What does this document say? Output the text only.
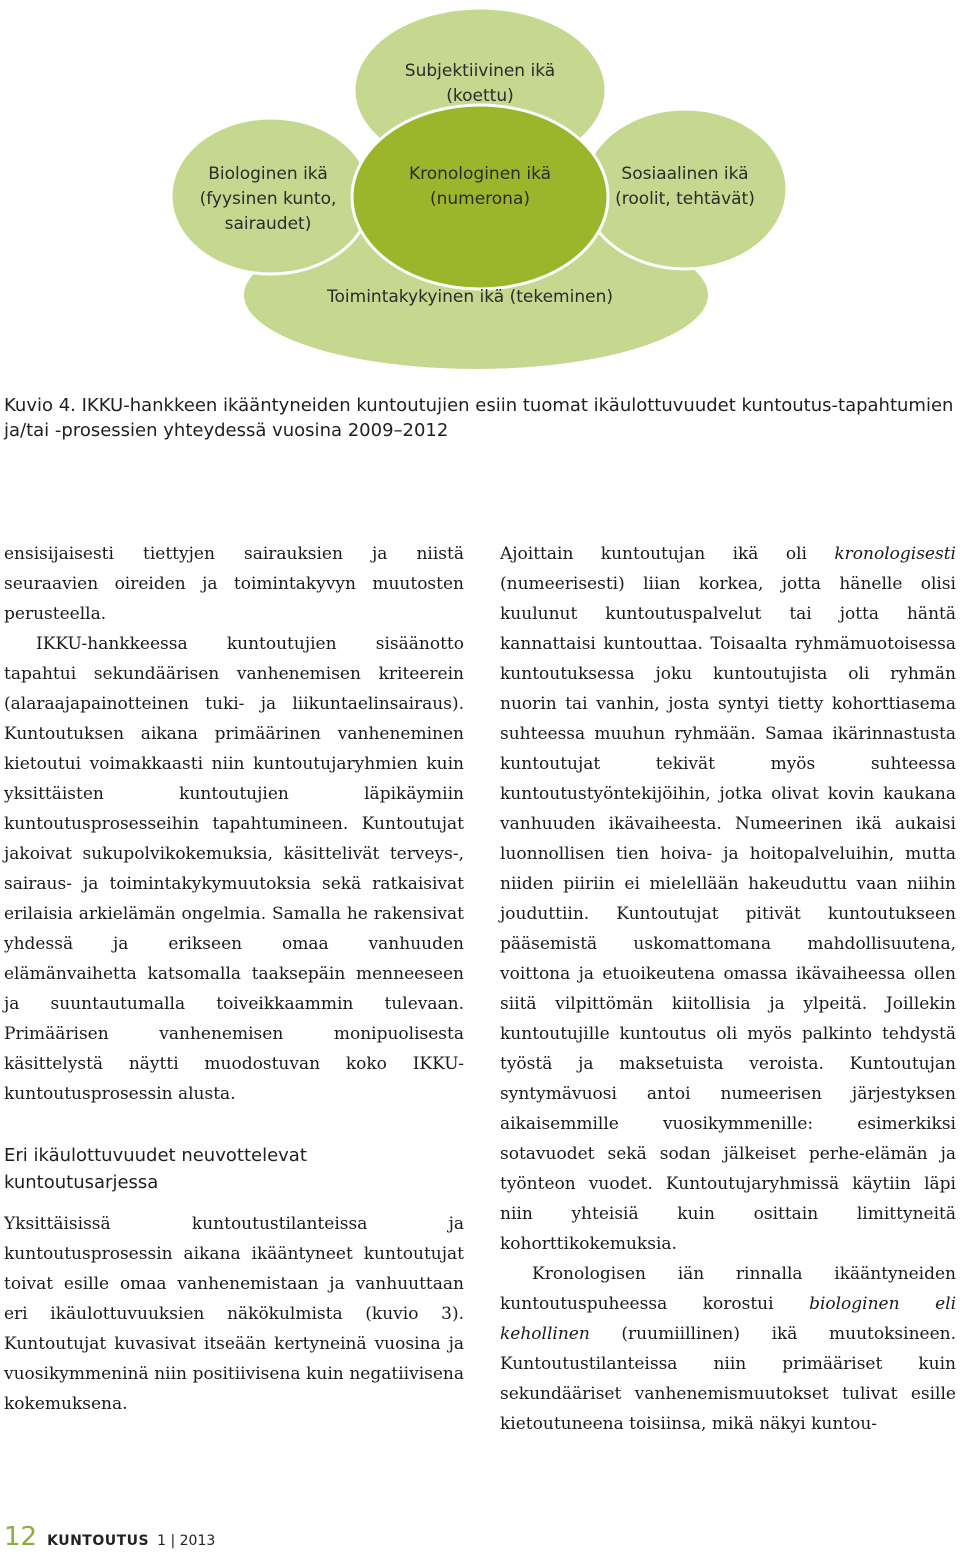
Subjektiivinen ikä
(koettu)
Biologinen ikä
(fyysinen kunto,
sairaudet)
Kronologinen ikä
(numerona)
Sosiaalinen ikä
(roolit, tehtävät)
Toimintakykyinen ikä (tekeminen)
Kuvio 4. IKKU-hankkeen ikääntyneiden kuntoutujien esiin tuomat ikäulottuvuudet kuntoutus-tapahtumien ja/tai -prosessien yhteydessä vuosina 2009–2012

ensisijaisesti tiettyjen sairauksien ja niistä seuraavien oireiden ja toimintakyvyn muutosten perusteella.

IKKU-hankkeessa kuntoutujien sisäänotto tapahtui sekundäärisen vanhenemisen kriteerein (alaraajapainotteinen tuki- ja liikuntaelinsairaus). Kuntoutuksen aikana primäärinen vanheneminen kietoutui voimakkaasti niin kuntoutujaryhmien kuin yksittäisten kuntoutujien läpikäymiin kuntoutusprosesseihin tapahtumineen. Kuntoutujat jakoivat sukupolvikokemuksia, käsittelivät terveys-, sairaus- ja toimintakykymuutoksia sekä ratkaisivat erilaisia arkielämän ongelmia. Samalla he rakensivat yhdessä ja erikseen omaa vanhuuden elämänvaihetta katsomalla taaksepäin menneeseen ja suuntautumalla toiveikkaammin tulevaan. Primäärisen vanhenemisen monipuolisesta käsittelystä näytti muodostuvan koko IKKU-kuntoutusprosessin alusta.

Eri ikäulottuvuudet neuvottelevat kuntoutusarjessa

Yksittäisissä kuntoutustilanteissa ja kuntoutusprosessin aikana ikääntyneet kuntoutujat toivat esille omaa vanhenemistaan ja vanhuuttaan eri ikäulottuvuuksien näkökulmista (kuvio 3). Kuntoutujat kuvasivat itseään kertyneinä vuosina ja vuosikymmeninä niin positiivisena kuin negatiivisena kokemuksena.

Ajoittain kuntoutujan ikä oli kronologisesti (numeerisesti) liian korkea, jotta hänelle olisi kuulunut kuntoutuspalvelut tai jotta häntä kannattaisi kuntouttaa. Toisaalta ryhmämuotoisessa kuntoutuksessa joku kuntoutujista oli ryhmän nuorin tai vanhin, josta syntyi tietty kohorttiasema suhteessa muuhun ryhmään. Samaa ikärinnastusta kuntoutujat tekivät myös suhteessa kuntoutustyöntekijöihin, jotka olivat kovin kaukana vanhuuden ikävaiheesta. Numeerinen ikä aukaisi luonnollisen tien hoiva- ja hoitopalveluihin, mutta niiden piiriin ei mielellään hakeuduttu vaan niihin jouduttiin. Kuntoutujat pitivät kuntoutukseen pääsemistä uskomattomana mahdollisuutena, voittona ja etuoikeutena omassa ikävaiheessa ollen siitä vilpittömän kiitollisia ja ylpeitä. Joillekin kuntoutujille kuntoutus oli myös palkinto tehdystä työstä ja maksetuista veroista. Kuntoutujan syntymävuosi antoi numeerisen järjestyksen aikaisemmille vuosikymmenille: esimerkiksi sotavuodet sekä sodan jälkeiset perhe-elämän ja työnteon vuodet. Kuntoutujaryhmissä käytiin läpi niin yhteisiä kuin osittain limittyneitä kohorttikokemuksia.

Kronologisen iän rinnalla ikääntyneiden kuntoutuspuheessa korostui biologinen eli kehollinen (ruumiillinen) ikä muutoksineen. Kuntoutustilanteissa niin primääriset kuin sekundääriset vanhenemismuutokset tulivat esille kietoutuneena toisiinsa, mikä näkyi kuntou-

12 KUNTOUTUS 1 | 2013
